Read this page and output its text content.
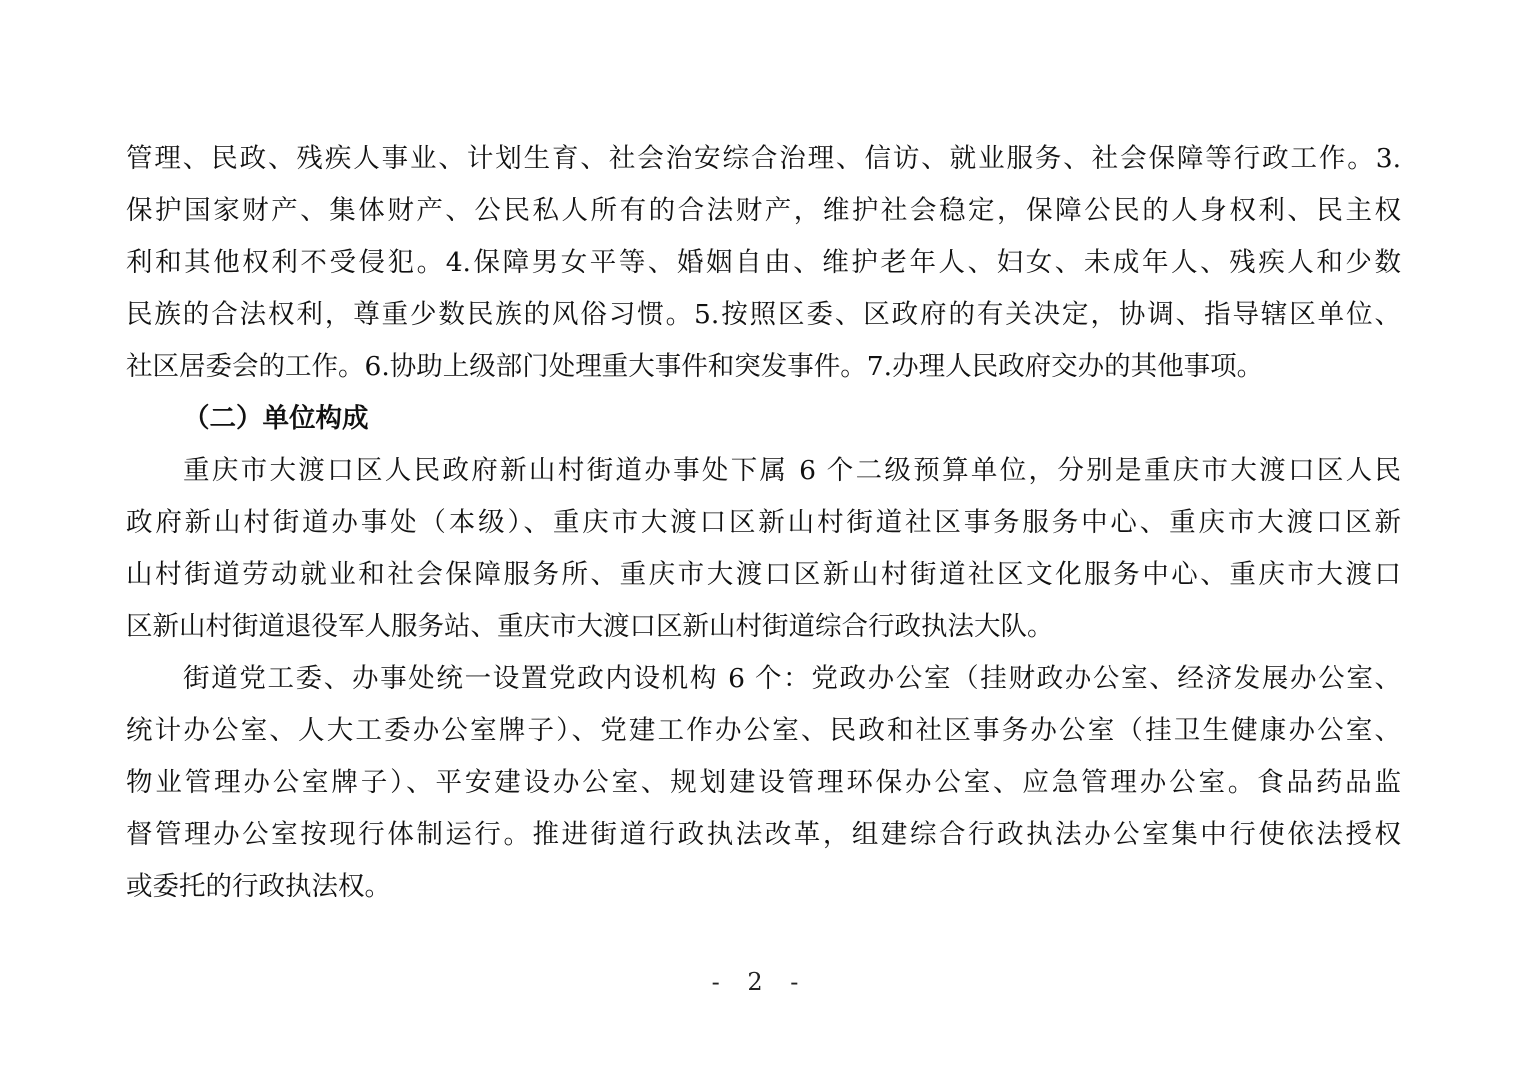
管理、民政、残疾人事业、计划生育、社会治安综合治理、信访、就业服务、社会保障等行政工作。3.
保护国家财产、集体财产、公民私人所有的合法财产，维护社会稳定，保障公民的人身权利、民主权
利和其他权利不受侵犯。4.保障男女平等、婚姻自由、维护老年人、妇女、未成年人、残疾人和少数
民族的合法权利，尊重少数民族的风俗习惯。5.按照区委、区政府的有关决定，协调、指导辖区单位、
社区居委会的工作。6.协助上级部门处理重大事件和突发事件。7.办理人民政府交办的其他事项。
（二）单位构成
重庆市大渡口区人民政府新山村街道办事处下属 6 个二级预算单位，分别是重庆市大渡口区人民
政府新山村街道办事处（本级）、重庆市大渡口区新山村街道社区事务服务中心、重庆市大渡口区新
山村街道劳动就业和社会保障服务所、重庆市大渡口区新山村街道社区文化服务中心、重庆市大渡口
区新山村街道退役军人服务站、重庆市大渡口区新山村街道综合行政执法大队。
街道党工委、办事处统一设置党政内设机构 6 个：党政办公室（挂财政办公室、经济发展办公室、
统计办公室、人大工委办公室牌子）、党建工作办公室、民政和社区事务办公室（挂卫生健康办公室、
物业管理办公室牌子）、平安建设办公室、规划建设管理环保办公室、应急管理办公室。食品药品监
督管理办公室按现行体制运行。推进街道行政执法改革，组建综合行政执法办公室集中行使依法授权
或委托的行政执法权。
- 2 -
